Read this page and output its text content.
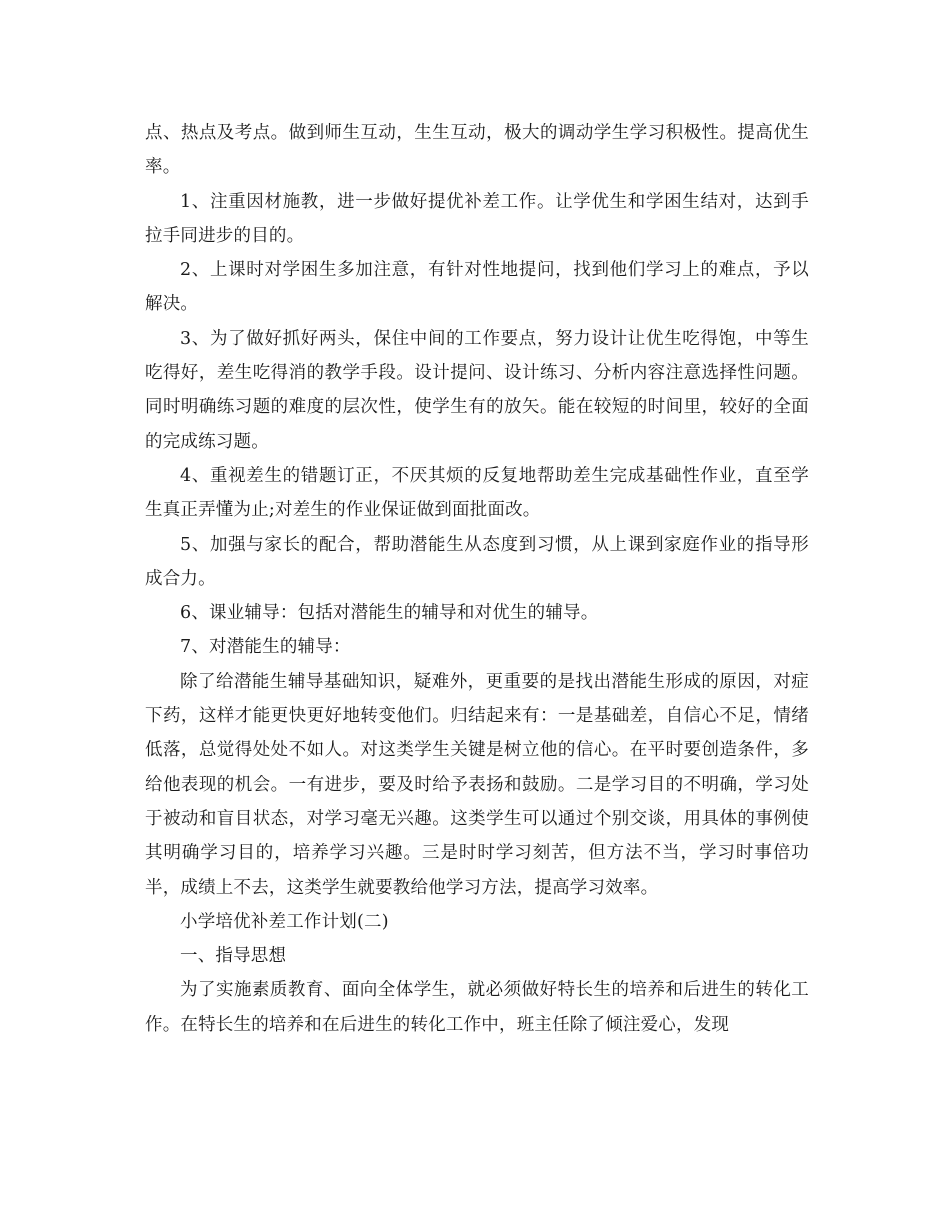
点、热点及考点。做到师生互动，生生互动，极大的调动学生学习积极性。提高优生率。

1、注重因材施教，进一步做好提优补差工作。让学优生和学困生结对，达到手拉手同进步的目的。

2、上课时对学困生多加注意，有针对性地提问，找到他们学习上的难点，予以解决。

3、为了做好抓好两头，保住中间的工作要点，努力设计让优生吃得饱，中等生吃得好，差生吃得消的教学手段。设计提问、设计练习、分析内容注意选择性问题。同时明确练习题的难度的层次性，使学生有的放矢。能在较短的时间里，较好的全面的完成练习题。

4、重视差生的错题订正，不厌其烦的反复地帮助差生完成基础性作业，直至学生真正弄懂为止;对差生的作业保证做到面批面改。

5、加强与家长的配合，帮助潜能生从态度到习惯，从上课到家庭作业的指导形成合力。

6、课业辅导：包括对潜能生的辅导和对优生的辅导。

7、对潜能生的辅导：

除了给潜能生辅导基础知识，疑难外，更重要的是找出潜能生形成的原因，对症下药，这样才能更快更好地转变他们。归结起来有：一是基础差，自信心不足，情绪低落，总觉得处处不如人。对这类学生关键是树立他的信心。在平时要创造条件，多给他表现的机会。一有进步，要及时给予表扬和鼓励。二是学习目的不明确，学习处于被动和盲目状态，对学习毫无兴趣。这类学生可以通过个别交谈，用具体的事例使其明确学习目的，培养学习兴趣。三是时时学习刻苦，但方法不当，学习时事倍功半，成绩上不去，这类学生就要教给他学习方法，提高学习效率。

小学培优补差工作计划(二)

一、指导思想

为了实施素质教育、面向全体学生，就必须做好特长生的培养和后进生的转化工作。在特长生的培养和在后进生的转化工作中，班主任除了倾注爱心，发现
